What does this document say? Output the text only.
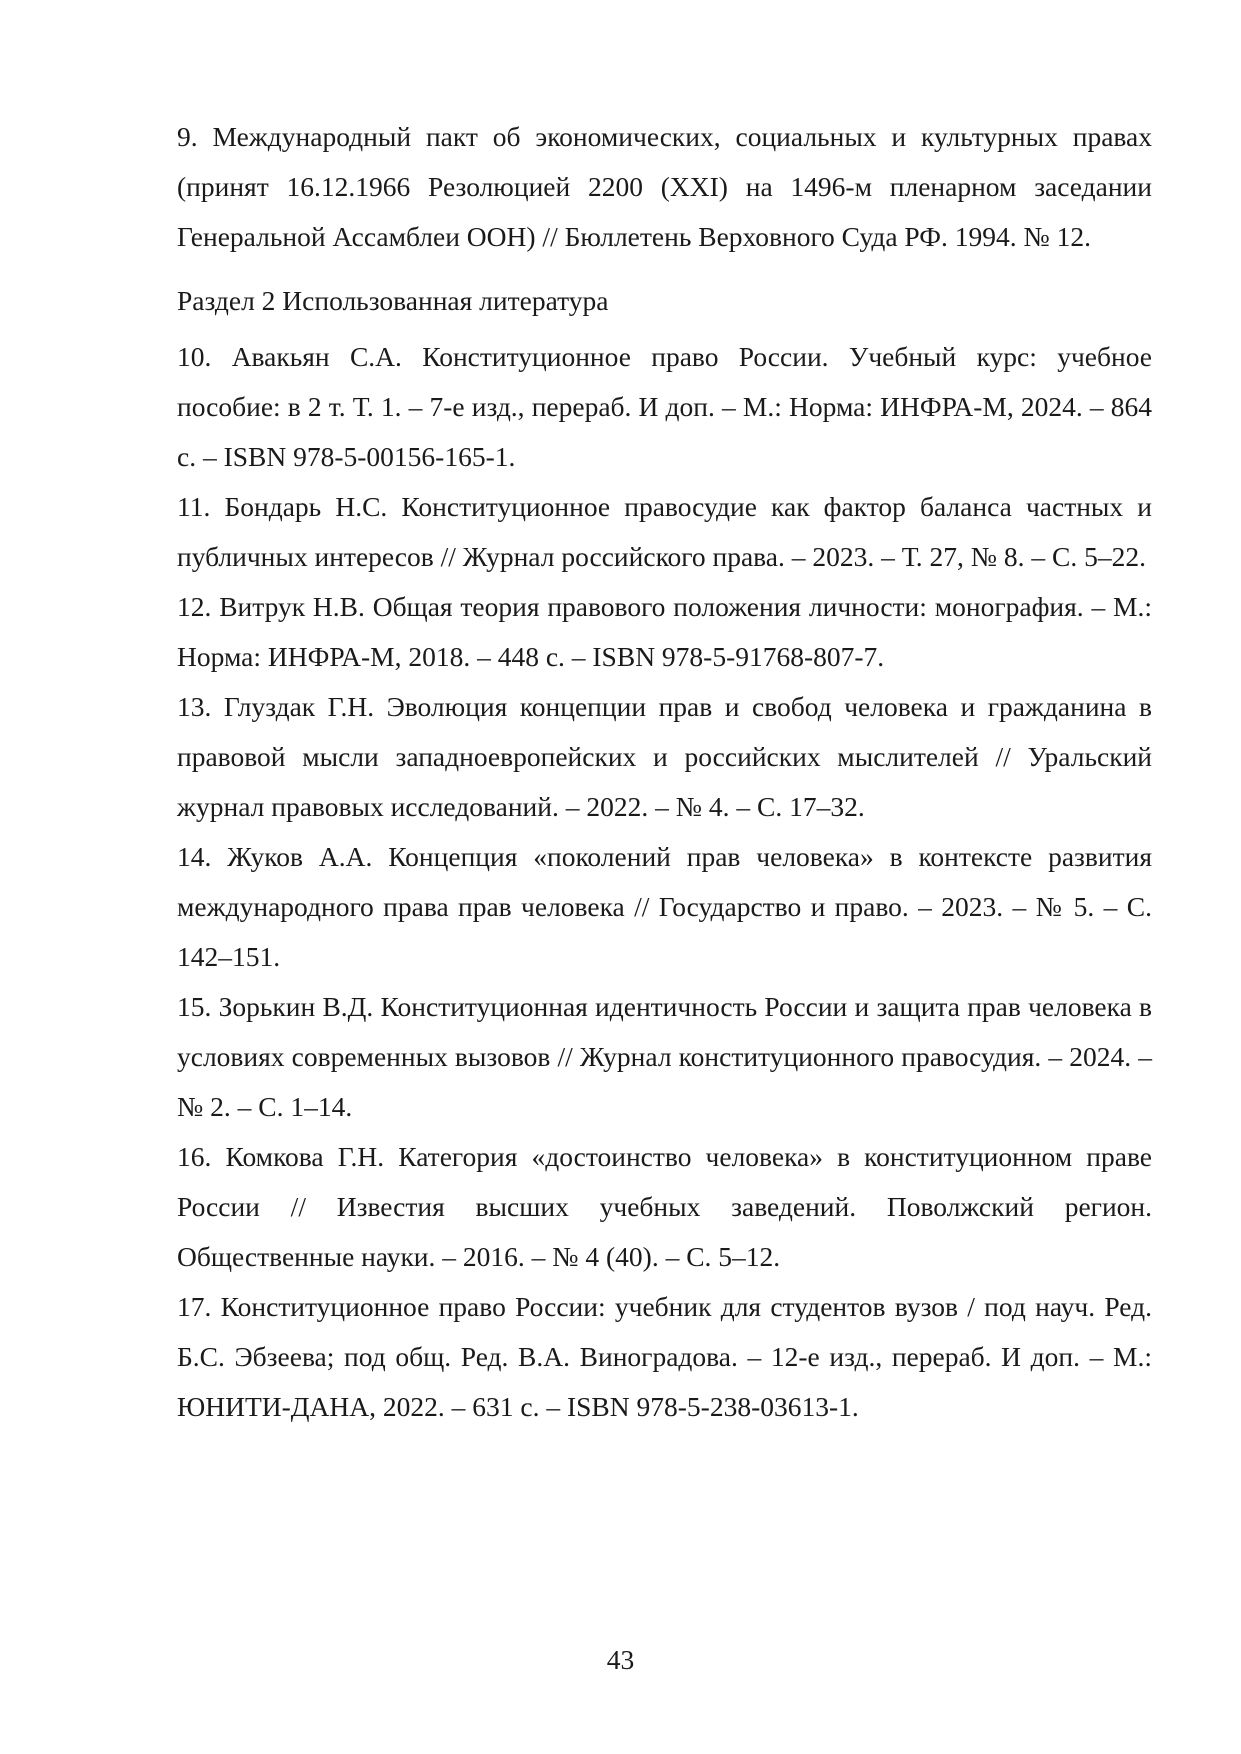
9. Международный пакт об экономических, социальных и культурных правах (принят 16.12.1966 Резолюцией 2200 (XXI) на 1496-м пленарном заседании Генеральной Ассамблеи ООН) // Бюллетень Верховного Суда РФ. 1994. № 12.

Раздел 2 Использованная литература

10. Авакьян С.А. Конституционное право России. Учебный курс: учебное пособие: в 2 т. Т. 1. – 7-е изд., перераб. И доп. – М.: Норма: ИНФРА-М, 2024. – 864 с. – ISBN 978-5-00156-165-1.

11. Бондарь Н.С. Конституционное правосудие как фактор баланса частных и публичных интересов // Журнал российского права. – 2023. – Т. 27, № 8. – С. 5–22.

12. Витрук Н.В. Общая теория правового положения личности: монография. – М.: Норма: ИНФРА-М, 2018. – 448 с. – ISBN 978-5-91768-807-7.

13. Глуздак Г.Н. Эволюция концепции прав и свобод человека и гражданина в правовой мысли западноевропейских и российских мыслителей // Уральский журнал правовых исследований. – 2022. – № 4. – С. 17–32.

14. Жуков А.А. Концепция «поколений прав человека» в контексте развития международного права прав человека // Государство и право. – 2023. – № 5. – С. 142–151.

15. Зорькин В.Д. Конституционная идентичность России и защита прав человека в условиях современных вызовов // Журнал конституционного правосудия. – 2024. – № 2. – С. 1–14.

16. Комкова Г.Н. Категория «достоинство человека» в конституционном праве России // Известия высших учебных заведений. Поволжский регион. Общественные науки. – 2016. – № 4 (40). – С. 5–12.

17. Конституционное право России: учебник для студентов вузов / под науч. Ред. Б.С. Эбзеева; под общ. Ред. В.А. Виноградова. – 12-е изд., перераб. И доп. – М.: ЮНИТИ-ДАНА, 2022. – 631 с. – ISBN 978-5-238-03613-1.

43
